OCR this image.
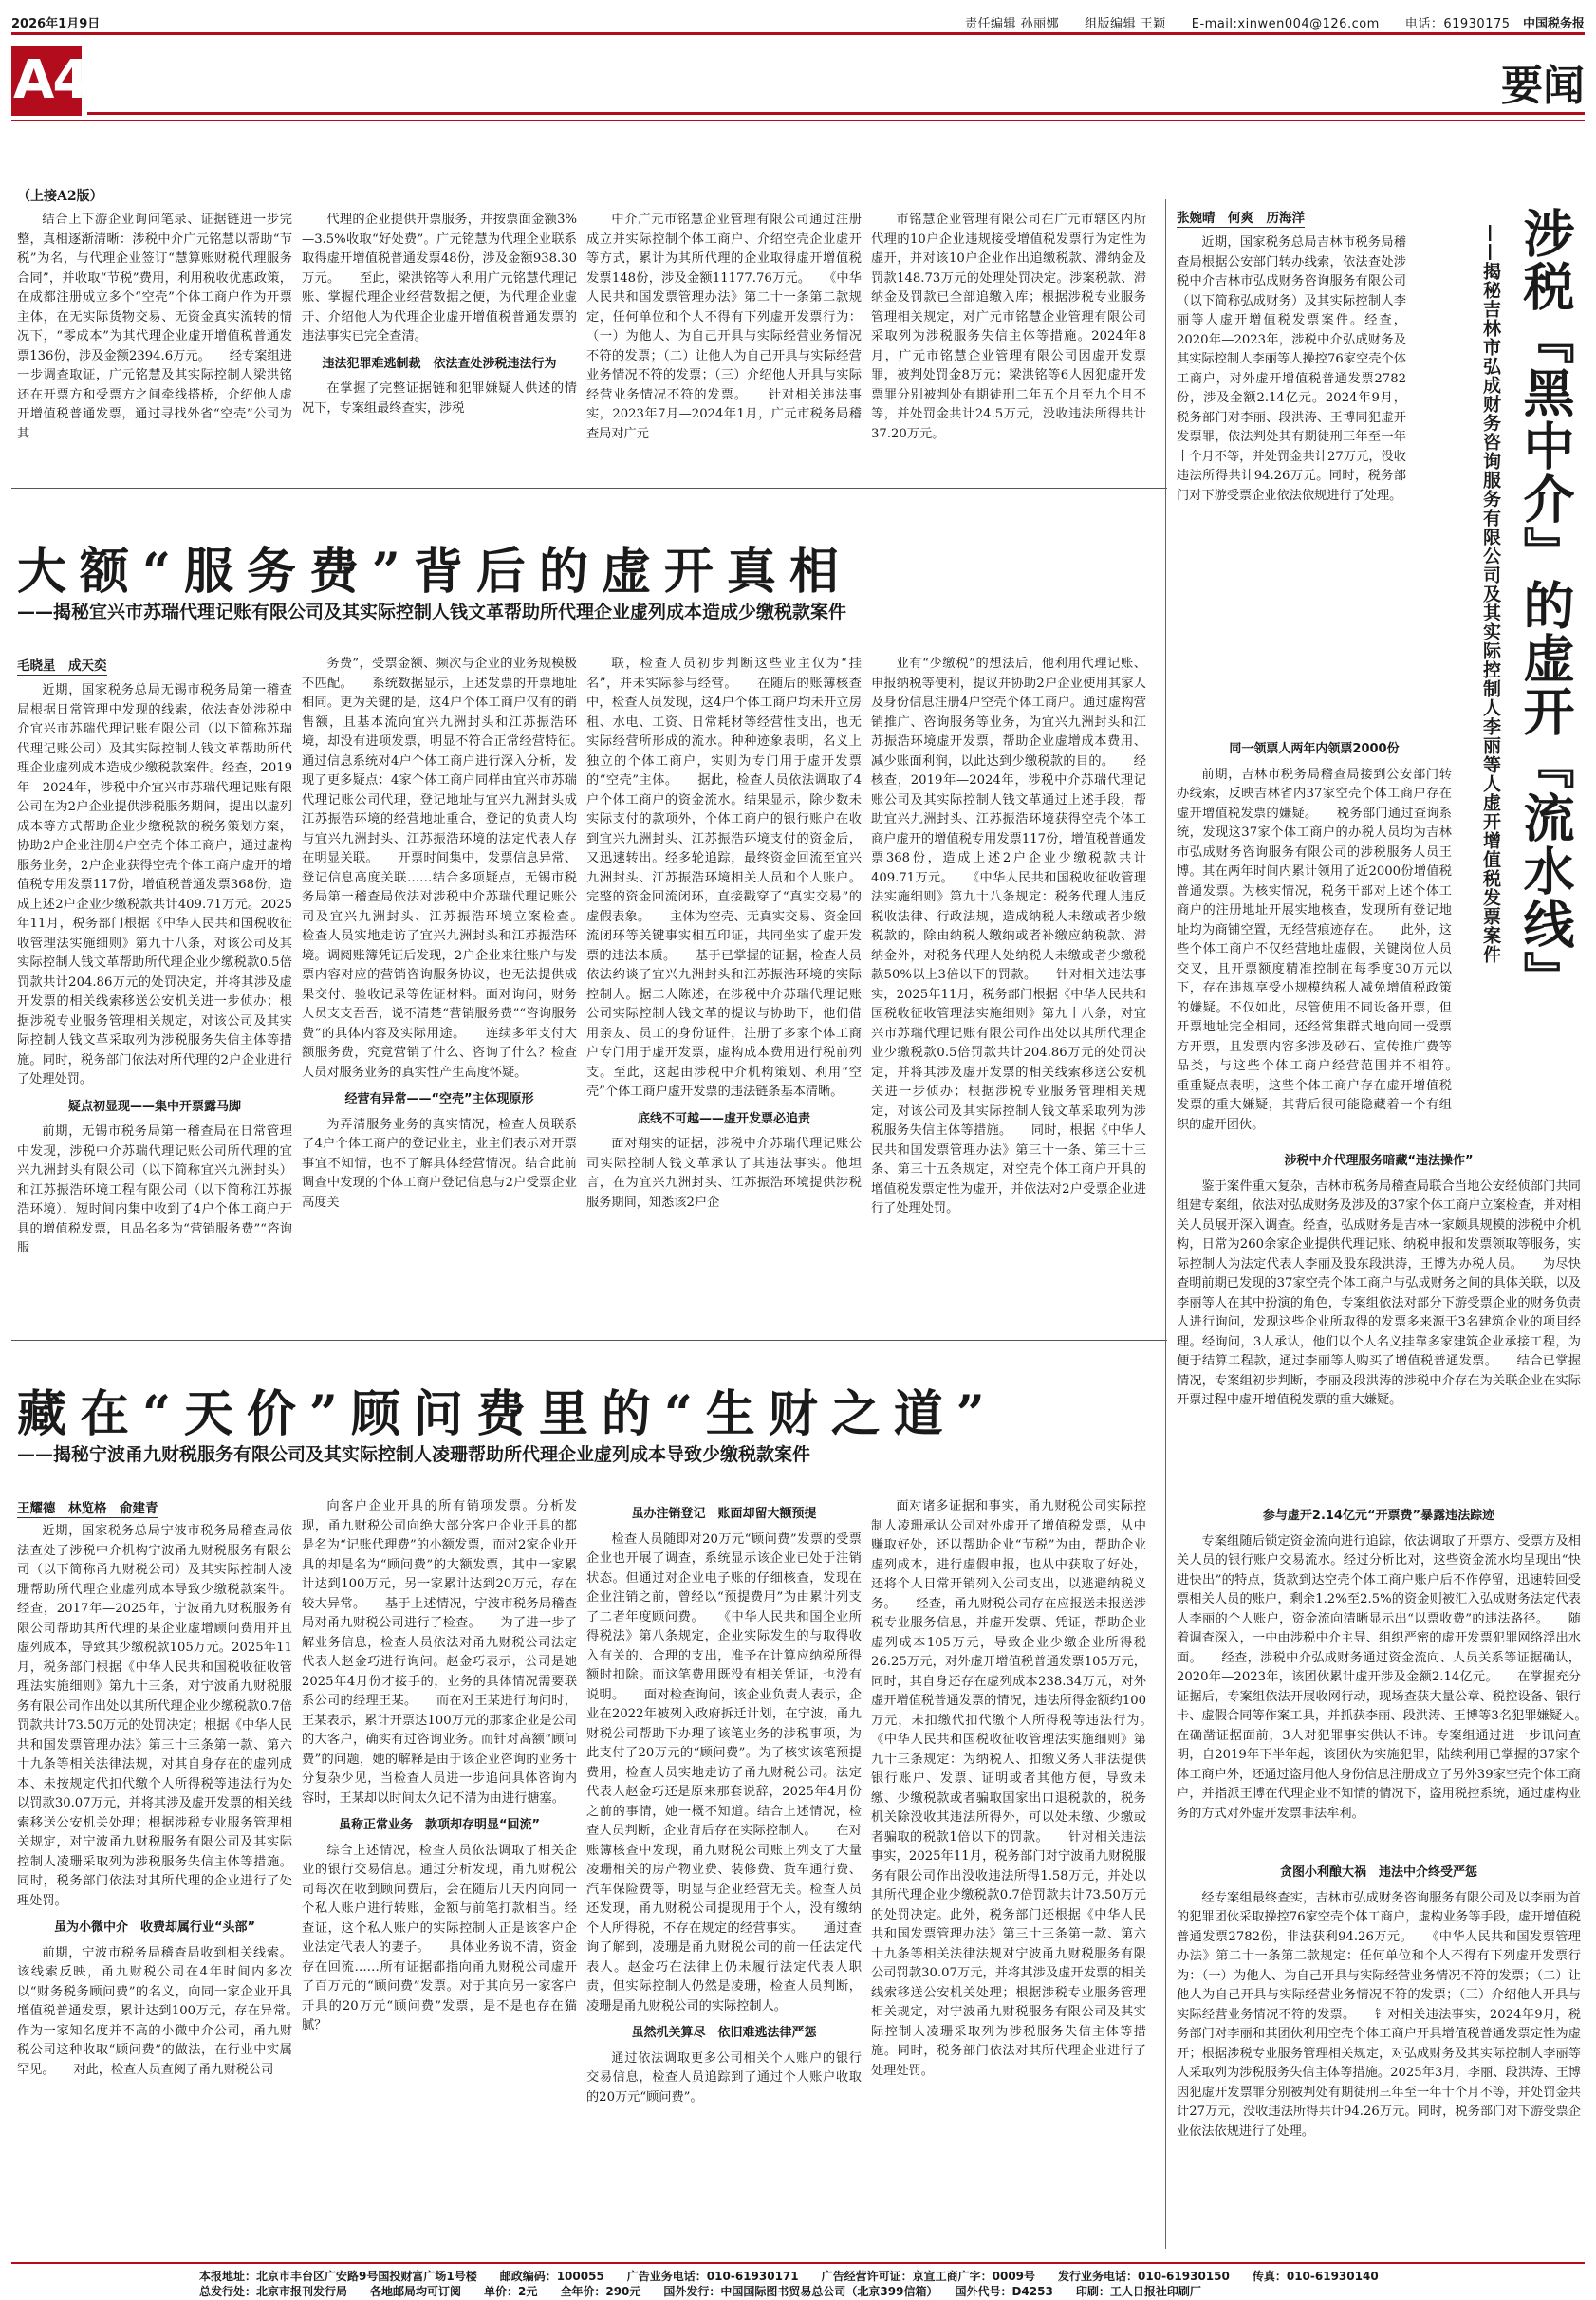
2026年1月9日	责任编辑 孙丽娜　　组版编辑 王颖　　E-mail:xinwen004@126.com　　电话：61930175 中国税务报
A4	要闻
（上接A2版）

结合上下游企业询问笔录、证据链进一步完整，真相逐渐清晰：涉税中介广元铭慧以帮助“节税”为名，与代理企业签订“慧算账财税代理服务合同”，并收取“节税”费用，利用税收优惠政策，在成都注册成立多个“空壳”个体工商户作为开票主体，在无实际货物交易、无资金真实流转的情况下，“零成本”为其代理企业虚开增值税普通发票136份，涉及金额2394.6万元。　　经专案组进一步调查取证，广元铭慧及其实际控制人梁洪铭还在开票方和受票方之间牵线搭桥，介绍他人虚开增值税普通发票，通过寻找外省“空壳”公司为其

代理的企业提供开票服务，并按票面金额3%—3.5%收取“好处费”。广元铭慧为代理企业联系取得虚开增值税普通发票48份，涉及金额938.30万元。　　至此，梁洪铭等人利用广元铭慧代理记账、掌握代理企业经营数据之便，为代理企业虚开、介绍他人为代理企业虚开增值税普通发票的违法事实已完全查清。

违法犯罪难逃制裁　依法查处涉税违法行为

在掌握了完整证据链和犯罪嫌疑人供述的情况下，专案组最终查实，涉税

中介广元市铭慧企业管理有限公司通过注册成立并实际控制个体工商户、介绍空壳企业虚开等方式，累计为其所代理的企业取得虚开增值税发票148份，涉及金额11177.76万元。　　《中华人民共和国发票管理办法》第二十一条第二款规定，任何单位和个人不得有下列虚开发票行为：（一）为他人、为自己开具与实际经营业务情况不符的发票；（二）让他人为自己开具与实际经营业务情况不符的发票；（三）介绍他人开具与实际经营业务情况不符的发票。　　针对相关违法事实，2023年7月—2024年1月，广元市税务局稽查局对广元

市铭慧企业管理有限公司在广元市辖区内所代理的10户企业违规接受增值税发票行为定性为虚开，并对该10户企业作出追缴税款、滞纳金及罚款148.73万元的处理处罚决定。涉案税款、滞纳金及罚款已全部追缴入库；根据涉税专业服务管理相关规定，对广元市铭慧企业管理有限公司采取列为涉税服务失信主体等措施。2024年8月，广元市铭慧企业管理有限公司因虚开发票罪，被判处罚金8万元；梁洪铭等6人因犯虚开发票罪分别被判处有期徒刑二年五个月至九个月不等，并处罚金共计24.5万元，没收违法所得共计37.20万元。

大额“服务费”背后的虚开真相
——揭秘宜兴市苏瑞代理记账有限公司及其实际控制人钱文革帮助所代理企业虚列成本造成少缴税款案件
毛晓星　成天奕

近期，国家税务总局无锡市税务局第一稽查局根据日常管理中发现的线索，依法查处涉税中介宜兴市苏瑞代理记账有限公司（以下简称苏瑞代理记账公司）及其实际控制人钱文革帮助所代理企业虚列成本造成少缴税款案件。经查，2019年—2024年，涉税中介宜兴市苏瑞代理记账有限公司在为2户企业提供涉税服务期间，提出以虚列成本等方式帮助企业少缴税款的税务策划方案，协助2户企业注册4户空壳个体工商户，通过虚构服务业务，2户企业获得空壳个体工商户虚开的增值税专用发票117份，增值税普通发票368份，造成上述2户企业少缴税款共计409.71万元。2025年11月，税务部门根据《中华人民共和国税收征收管理法实施细则》第九十八条，对该公司及其实际控制人钱文革帮助所代理企业少缴税款0.5倍罚款共计204.86万元的处罚决定，并将其涉及虚开发票的相关线索移送公安机关进一步侦办；根据涉税专业服务管理相关规定，对该公司及其实际控制人钱文革采取列为涉税服务失信主体等措施。同时，税务部门依法对所代理的2户企业进行了处理处罚。

疑点初显现——集中开票露马脚

前期，无锡市税务局第一稽查局在日常管理中发现，涉税中介苏瑞代理记账公司所代理的宜兴九洲封头有限公司（以下简称宜兴九洲封头）和江苏振浩环境工程有限公司（以下简称江苏振浩环境），短时间内集中收到了4户个体工商户开具的增值税发票，且品名多为“营销服务费”“咨询服

务费”，受票金额、频次与企业的业务规模极不匹配。　　系统数据显示，上述发票的开票地址相同。更为关键的是，这4户个体工商户仅有的销售额，且基本流向宜兴九洲封头和江苏振浩环境，却没有进项发票，明显不符合正常经营特征。　　通过信息系统对4户个体工商户进行深入分析，发现了更多疑点：4家个体工商户同样由宜兴市苏瑞代理记账公司代理，登记地址与宜兴九洲封头成江苏振浩环境的经营地址重合，登记的负责人均与宜兴九洲封头、江苏振浩环境的法定代表人存在明显关联。　　开票时间集中，发票信息异常、登记信息高度关联……结合多项疑点，无锡市税务局第一稽查局依法对涉税中介苏瑞代理记账公司及宜兴九洲封头、江苏振浩环境立案检查。　　检查人员实地走访了宜兴九洲封头和江苏振浩环境。调阅账簿凭证后发现，2户企业来往账户与发票内容对应的营销咨询服务协议，也无法提供成果交付、验收记录等佐证材料。面对询问，财务人员支支吾吾，说不清楚“营销服务费”“咨询服务费”的具体内容及实际用途。　　连续多年支付大额服务费，究竟营销了什么、咨询了什么？检查人员对服务业务的真实性产生高度怀疑。

经营有异常——“空壳”主体现原形

为弄清服务业务的真实情况，检查人员联系了4户个体工商户的登记业主，业主们表示对开票事宜不知情，也不了解具体经营情况。结合此前调查中发现的个体工商户登记信息与2户受票企业高度关

联，检查人员初步判断这些业主仅为“挂名”，并未实际参与经营。　　在随后的账簿核查中，检查人员发现，这4户个体工商户均未开立房租、水电、工资、日常耗材等经营性支出，也无实际经营所形成的流水。种种迹象表明，名义上独立的个体工商户，实则为专门用于虚开发票的“空壳”主体。　　据此，检查人员依法调取了4户个体工商户的资金流水。结果显示，除少数未实际支付的款项外，个体工商户的银行账户在收到宜兴九洲封头、江苏振浩环境支付的资金后，又迅速转出。经多轮追踪，最终资金回流至宜兴九洲封头、江苏振浩环境相关人员和个人账户。完整的资金回流闭环，直接戳穿了“真实交易”的虚假表象。　　主体为空壳、无真实交易、资金回流闭环等关键事实相互印证，共同坐实了虚开发票的违法本质。　　基于已掌握的证据，检查人员依法约谈了宜兴九洲封头和江苏振浩环境的实际控制人。据二人陈述，在涉税中介苏瑞代理记账公司实际控制人钱文革的提议与协助下，他们借用亲友、员工的身份证件，注册了多家个体工商户专门用于虚开发票，虚构成本费用进行税前列支。至此，这起由涉税中介机构策划、利用“空壳”个体工商户虚开发票的违法链条基本清晰。

底线不可越——虚开发票必追责

面对翔实的证据，涉税中介苏瑞代理记账公司实际控制人钱文革承认了其违法事实。他坦言，在为宜兴九洲封头、江苏振浩环境提供涉税服务期间，知悉该2户企

业有“少缴税”的想法后，他利用代理记账、申报纳税等便利，提议并协助2户企业使用其家人及身份信息注册4户空壳个体工商户。通过虚构营销推广、咨询服务等业务，为宜兴九洲封头和江苏振浩环境虚开发票，帮助企业虚增成本费用、减少账面利润，以此达到少缴税款的目的。　　经核查，2019年—2024年，涉税中介苏瑞代理记账公司及其实际控制人钱文革通过上述手段，帮助宜兴九洲封头、江苏振浩环境获得空壳个体工商户虚开的增值税专用发票117份，增值税普通发票368份，造成上述2户企业少缴税款共计409.71万元。　　《中华人民共和国税收征收管理法实施细则》第九十八条规定：税务代理人违反税收法律、行政法规，造成纳税人未缴或者少缴税款的，除由纳税人缴纳或者补缴应纳税款、滞纳金外，对税务代理人处纳税人未缴或者少缴税款50%以上3倍以下的罚款。　　针对相关违法事实，2025年11月，税务部门根据《中华人民共和国税收征收管理法实施细则》第九十八条，对宜兴市苏瑞代理记账有限公司作出处以其所代理企业少缴税款0.5倍罚款共计204.86万元的处罚决定，并将其涉及虚开发票的相关线索移送公安机关进一步侦办；根据涉税专业服务管理相关规定，对该公司及其实际控制人钱文革采取列为涉税服务失信主体等措施。　　同时，根据《中华人民共和国发票管理办法》第三十一条、第三十三条、第三十五条规定，对空壳个体工商户开具的增值税发票定性为虚开，并依法对2户受票企业进行了处理处罚。

藏在“天价”顾问费里的“生财之道”
——揭秘宁波甬九财税服务有限公司及其实际控制人凌珊帮助所代理企业虚列成本导致少缴税款案件
王耀德　林览格　俞建青

近期，国家税务总局宁波市税务局稽查局依法查处了涉税中介机构宁波甬九财税服务有限公司（以下简称甬九财税公司）及其实际控制人凌珊帮助所代理企业虚列成本导致少缴税款案件。经查，2017年—2025年，宁波甬九财税服务有限公司帮助其所代理的某企业虚增顾问费用并且虚列成本，导致其少缴税款105万元。2025年11月，税务部门根据《中华人民共和国税收征收管理法实施细则》第九十三条，对宁波甬九财税服务有限公司作出处以其所代理企业少缴税款0.7倍罚款共计73.50万元的处罚决定；根据《中华人民共和国发票管理办法》第三十三条第一款、第六十九条等相关法律法规，对其自身存在的虚列成本、未按规定代扣代缴个人所得税等违法行为处以罚款30.07万元，并将其涉及虚开发票的相关线索移送公安机关处理；根据涉税专业服务管理相关规定，对宁波甬九财税服务有限公司及其实际控制人凌珊采取列为涉税服务失信主体等措施。同时，税务部门依法对其所代理的企业进行了处理处罚。

虽为小微中介　收费却属行业“头部”

前期，宁波市税务局稽查局收到相关线索。该线索反映，甬九财税公司在4年时间内多次以“财务税务顾问费”的名义，向同一家企业开具增值税普通发票，累计达到100万元，存在异常。　　作为一家知名度并不高的小微中介公司，甬九财税公司这种收取“顾问费”的做法，在行业中实属罕见。　　对此，检查人员查阅了甬九财税公司

向客户企业开具的所有销项发票。分析发现，甬九财税公司向绝大部分客户企业开具的都是名为“记账代理费”的小额发票，而对2家企业开具的却是名为“顾问费”的大额发票，其中一家累计达到100万元，另一家累计达到20万元，存在较大异常。　　基于上述情况，宁波市税务局稽查局对甬九财税公司进行了检查。　　为了进一步了解业务信息，检查人员依法对甬九财税公司法定代表人赵金巧进行询问。赵金巧表示，公司是她2025年4月份才接手的，业务的具体情况需要联系公司的经理王某。　　而在对王某进行询问时，王某表示，累计开票达100万元的那家企业是公司的大客户，确实有过咨询业务。而针对高额“顾问费”的问题，她的解释是由于该企业咨询的业务十分复杂少见，当检查人员进一步追问具体咨询内容时，王某却以时间太久记不清为由进行搪塞。

虽称正常业务　款项却存明显“回流”

综合上述情况，检查人员依法调取了相关企业的银行交易信息。通过分析发现，甬九财税公司每次在收到顾问费后，会在随后几天内向同一个私人账户进行转账，金额与前笔打款相当。经查证，这个私人账户的实际控制人正是该客户企业法定代表人的妻子。　　具体业务说不清，资金存在回流……所有证据都指向甬九财税公司虚开了百万元的“顾问费”发票。对于其向另一家客户开具的20万元“顾问费”发票，是不是也存在猫腻？

虽办注销登记　账面却留大额预提

检查人员随即对20万元“顾问费”发票的受票企业也开展了调查，系统显示该企业已处于注销状态。但通过对企业电子账的仔细核查，发现在企业注销之前，曾经以“预提费用”为由累计列支了二者年度顾问费。　　《中华人民共和国企业所得税法》第八条规定，企业实际发生的与取得收入有关的、合理的支出，准予在计算应纳税所得额时扣除。而这笔费用既没有相关凭证，也没有说明。　　面对检查询问，该企业负责人表示，企业在2022年被列入政府拆迁计划，在宁波，甬九财税公司帮助下办理了该笔业务的涉税事项，为此支付了20万元的“顾问费”。为了核实该笔预提费用，检查人员实地走访了甬九财税公司。法定代表人赵金巧还是原来那套说辞，2025年4月份之前的事情，她一概不知道。结合上述情况，检查人员判断，企业背后存在实际控制人。　　在对账簿核查中发现，甬九财税公司账上列支了大量凌珊相关的房产物业费、装修费、货车通行费、汽车保险费等，明显与企业经营无关。检查人员还发现，甬九财税公司提现用于个人，没有缴纳个人所得税，不存在规定的经营事实。　　通过查询了解到，凌珊是甬九财税公司的前一任法定代表人。赵金巧在法律上仍未履行法定代表人职责，但实际控制人仍然是凌珊，检查人员判断，凌珊是甬九财税公司的实际控制人。

虽然机关算尽　依旧难逃法律严惩

通过依法调取更多公司相关个人账户的银行交易信息，检查人员追踪到了通过个人账户收取的20万元“顾问费”。

面对诸多证据和事实，甬九财税公司实际控制人凌珊承认公司对外虚开了增值税发票，从中赚取好处，还以帮助企业“节税”为由，帮助企业虚列成本，进行虚假申报，也从中获取了好处，还将个人日常开销列入公司支出，以逃避纳税义务。　　经查，甬九财税公司存在应报送未报送涉税专业服务信息，并虚开发票、凭证，帮助企业虚列成本105万元，导致企业少缴企业所得税26.25万元，对外虚开增值税普通发票105万元，同时，其自身还存在虚列成本238.34万元，对外虚开增值税普通发票的情况，违法所得金额约100万元，未扣缴代扣代缴个人所得税等违法行为。　　《中华人民共和国税收征收管理法实施细则》第九十三条规定：为纳税人、扣缴义务人非法提供银行账户、发票、证明或者其他方便，导致未缴、少缴税款或者骗取国家出口退税款的，税务机关除没收其违法所得外，可以处未缴、少缴或者骗取的税款1倍以下的罚款。　　针对相关违法事实，2025年11月，税务部门对宁波甬九财税服务有限公司作出没收违法所得1.58万元，并处以其所代理企业少缴税款0.7倍罚款共计73.50万元的处罚决定。此外，税务部门还根据《中华人民共和国发票管理办法》第三十三条第一款、第六十九条等相关法律法规对宁波甬九财税服务有限公司罚款30.07万元，并将其涉及虚开发票的相关线索移送公安机关处理；根据涉税专业服务管理相关规定，对宁波甬九财税服务有限公司及其实际控制人凌珊采取列为涉税服务失信主体等措施。同时，税务部门依法对其所代理企业进行了处理处罚。

张婉晴　何爽　历海洋

近期，国家税务总局吉林市税务局稽查局根据公安部门转办线索，依法查处涉税中介吉林市弘成财务咨询服务有限公司（以下简称弘成财务）及其实际控制人李丽等人虚开增值税发票案件。经查，2020年—2023年，涉税中介弘成财务及其实际控制人李丽等人操控76家空壳个体工商户，对外虚开增值税普通发票2782份，涉及金额2.14亿元。2024年9月，税务部门对李丽、段洪涛、王博同犯虚开发票罪，依法判处其有期徒刑三年至一年十个月不等，并处罚金共计27万元，没收违法所得共计94.26万元。同时，税务部门对下游受票企业依法依规进行了处理。 涉税『黑中介』的虚开『流水线』
——揭秘吉林市弘成财务咨询服务有限公司及其实际控制人李丽等人虚开增值税发票案件
同一领票人两年内领票2000份

前期，吉林市税务局稽查局接到公安部门转办线索，反映吉林省内37家空壳个体工商户存在虚开增值税发票的嫌疑。　　税务部门通过查询系统，发现这37家个体工商户的办税人员均为吉林市弘成财务咨询服务有限公司的涉税服务人员王博。其在两年时间内累计领用了近2000份增值税普通发票。为核实情况，税务干部对上述个体工商户的注册地址开展实地核查，发现所有登记地址均为商铺空置，无经营痕迹存在。　　此外，这些个体工商户不仅经营地址虚假，关键岗位人员交叉，且开票额度精准控制在每季度30万元以下，存在违规享受小规模纳税人减免增值税政策的嫌疑。不仅如此，尽管使用不同设备开票，但开票地址完全相同，还经常集群式地向同一受票方开票，且发票内容多涉及砂石、宣传推广费等品类，与这些个体工商户经营范围并不相符。　　重重疑点表明，这些个体工商户存在虚开增值税发票的重大嫌疑，其背后很可能隐藏着一个有组织的虚开团伙。

涉税中介代理服务暗藏“违法操作”

鉴于案件重大复杂，吉林市税务局稽查局联合当地公安经侦部门共同组建专案组，依法对弘成财务及涉及的37家个体工商户立案检查，并对相关人员展开深入调查。经查，弘成财务是吉林一家颇具规模的涉税中介机构，日常为260余家企业提供代理记账、纳税申报和发票领取等服务，实际控制人为法定代表人李丽及股东段洪涛，王博为办税人员。　　为尽快查明前期已发现的37家空壳个体工商户与弘成财务之间的具体关联，以及李丽等人在其中扮演的角色，专案组依法对部分下游受票企业的财务负责人进行询问，发现这些企业所取得的发票多来源于3名建筑企业的项目经理。经询问，3人承认，他们以个人名义挂靠多家建筑企业承接工程，为便于结算工程款，通过李丽等人购买了增值税普通发票。　　结合已掌握情况，专案组初步判断，李丽及段洪涛的涉税中介存在为关联企业在实际开票过程中虚开增值税发票的重大嫌疑。

参与虚开2.14亿元“开票费”暴露违法踪迹

专案组随后锁定资金流向进行追踪，依法调取了开票方、受票方及相关人员的银行账户交易流水。经过分析比对，这些资金流水均呈现出“快进快出”的特点，货款到达空壳个体工商户账户后不作停留，迅速转回受票相关人员的账户，剩余1.2%至2.5%的资金则被汇入弘成财务法定代表人李丽的个人账户，资金流向清晰显示出“以票收费”的违法路径。　　随着调查深入，一中由涉税中介主导、组织严密的虚开发票犯罪网络浮出水面。　　经查，涉税中介弘成财务通过资金流向、人员关系等证据确认，2020年—2023年，该团伙累计虚开涉及金额2.14亿元。　　在掌握充分证据后，专案组依法开展收网行动，现场查获大量公章、税控设备、银行卡、虚假合同等作案工具，并抓获李丽、段洪涛、王博等3名犯罪嫌疑人。　　在确凿证据面前，3人对犯罪事实供认不讳。专案组通过进一步讯问查明，自2019年下半年起，该团伙为实施犯罪，陆续利用已掌握的37家个体工商户外，还通过盗用他人身份信息注册成立了另外39家空壳个体工商户，并指派王博在代理企业不知情的情况下，盗用税控系统，通过虚构业务的方式对外虚开发票非法牟利。

贪图小利酿大祸　违法中介终受严惩

经专案组最终查实，吉林市弘成财务咨询服务有限公司及以李丽为首的犯罪团伙采取操控76家空壳个体工商户，虚构业务等手段，虚开增值税普通发票2782份，非法获利94.26万元。　　《中华人民共和国发票管理办法》第二十一条第二款规定：任何单位和个人不得有下列虚开发票行为：（一）为他人、为自己开具与实际经营业务情况不符的发票；（二）让他人为自己开具与实际经营业务情况不符的发票；（三）介绍他人开具与实际经营业务情况不符的发票。　　针对相关违法事实，2024年9月，税务部门对李丽和其团伙利用空壳个体工商户开具增值税普通发票定性为虚开；根据涉税专业服务管理相关规定，对弘成财务及其实际控制人李丽等人采取列为涉税服务失信主体等措施。2025年3月，李丽、段洪涛、王博因犯虚开发票罪分别被判处有期徒刑三年至一年十个月不等，并处罚金共计27万元，没收违法所得共计94.26万元。同时，税务部门对下游受票企业依法依规进行了处理。

本报地址：北京市丰台区广安路9号国投财富广场1号楼　　邮政编码：100055　　广告业务电话：010-61930171　　广告经营许可证：京宣工商广字：0009号　　发行业务电话：010-61930150　　传真：010-61930140
总发行处：北京市报刊发行局　　各地邮局均可订阅　　单价：2元　　全年价：290元　　国外发行：中国国际图书贸易总公司（北京399信箱）　　国外代号：D4253　　印刷：工人日报社印刷厂
